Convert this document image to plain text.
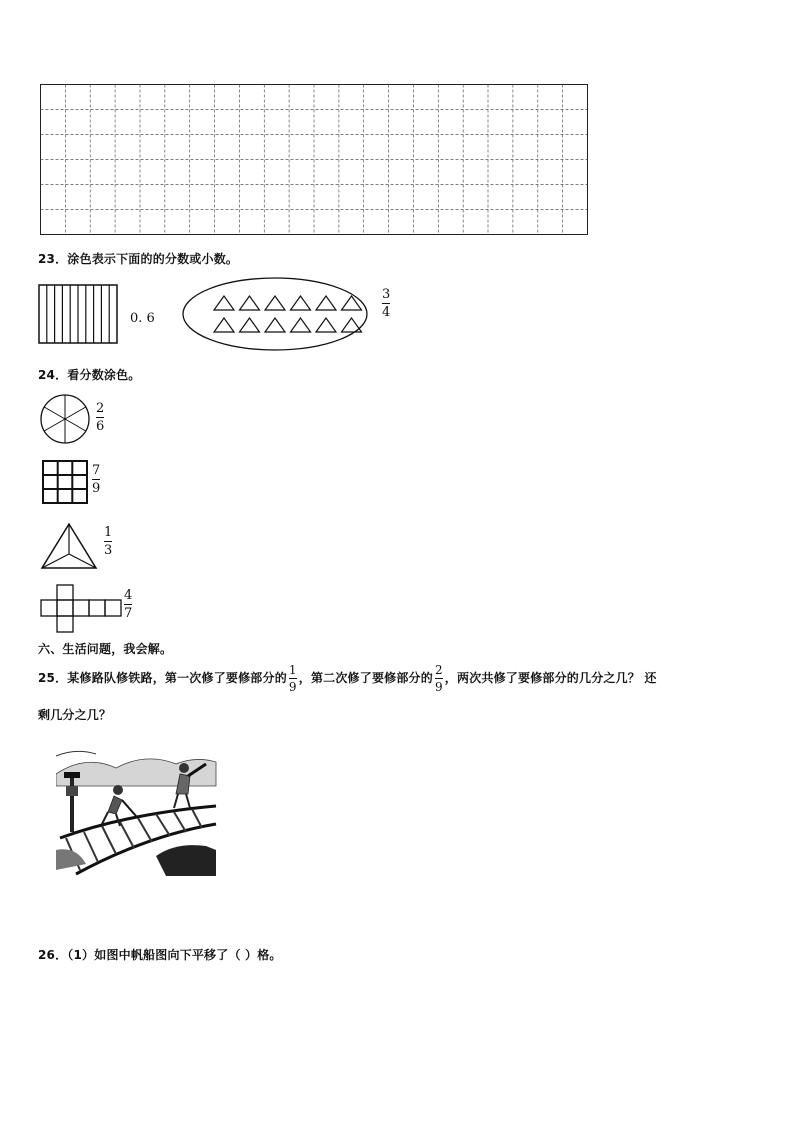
23．涂色表示下面的的分数或小数。
0. 6
3
4
24．看分数涂色。
2
6
7
9
1
3
4
7
六、生活问题，我会解。
25．某修路队修铁路，第一次修了要修部分的 $\frac{1}{9}$ ，第二次修了要修部分的 $\frac{2}{9}$ ，两次共修了要修部分的几分之几？ 还
剩几分之几？
26．（1）如图中帆船图向下平移了（ ）格。
